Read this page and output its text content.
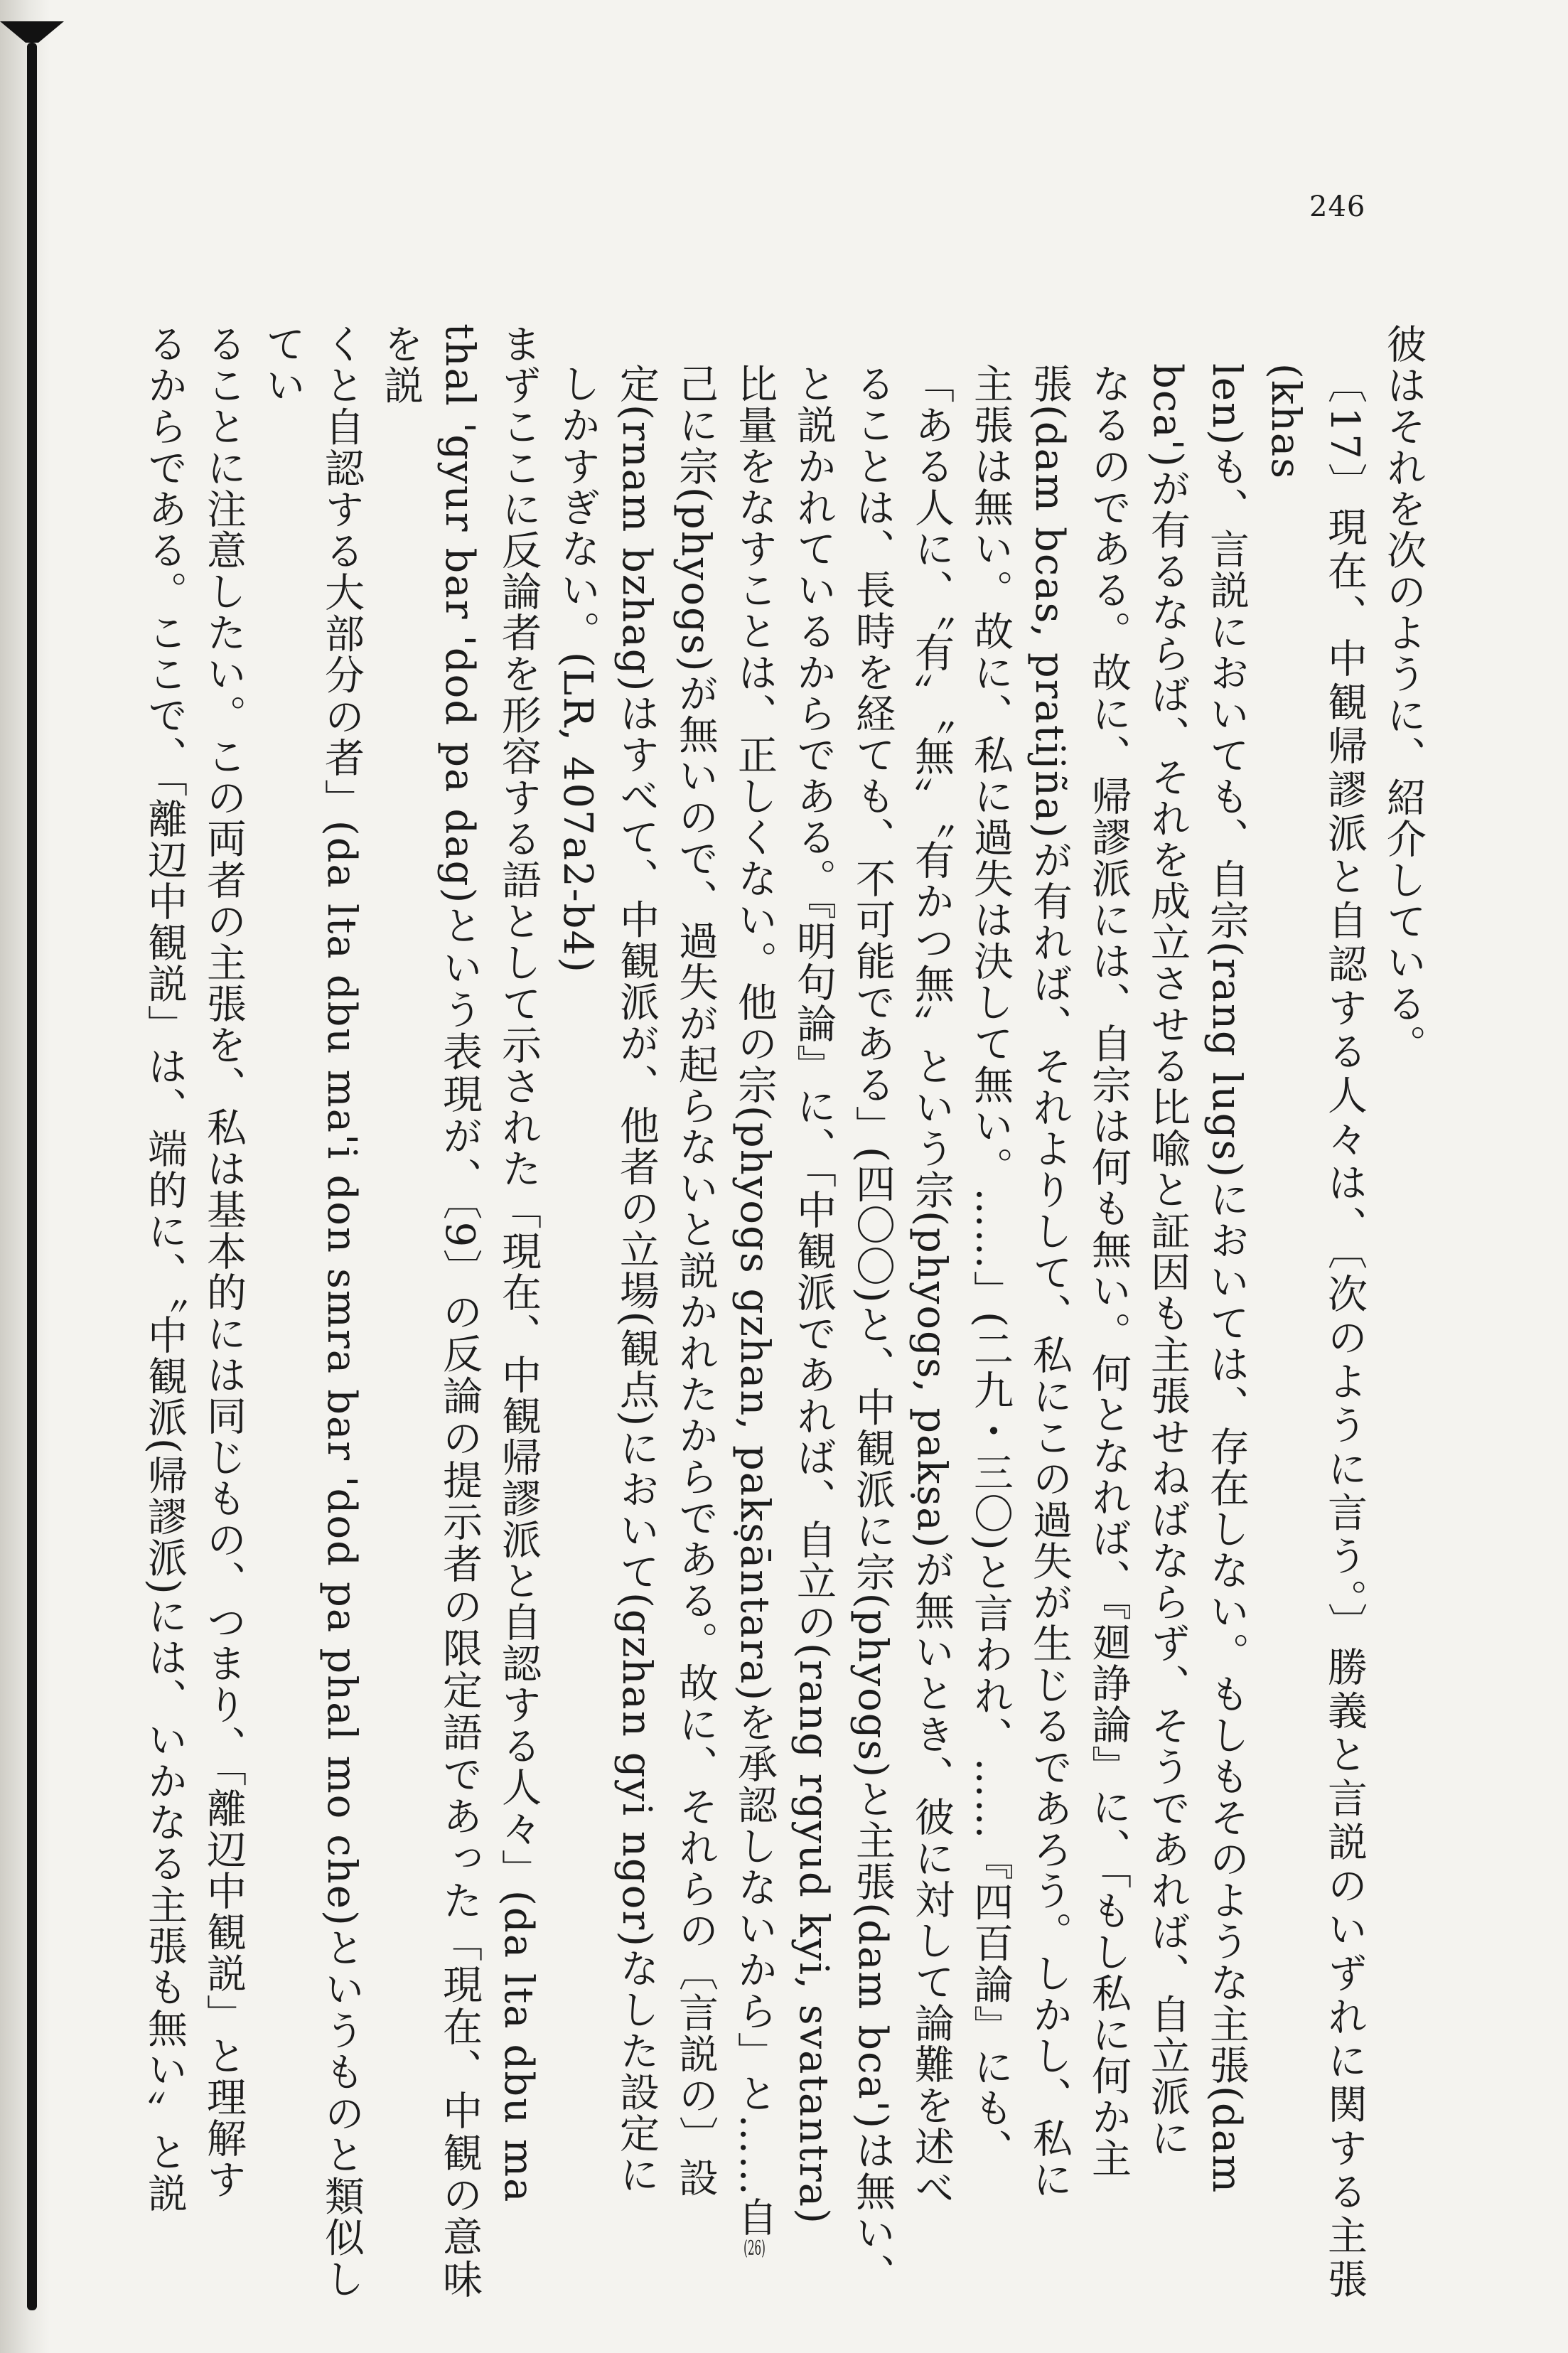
246
彼はそれを次のように、紹介している。
〔17〕現在、中観帰謬派と自認する人々は、〔次のように言う。〕勝義と言説のいずれに関する主張(khas
len)も、言説においても、自宗(rang lugs)においては、存在しない。もしもそのような主張(dam
bca')が有るならば、それを成立させる比喩と証因も主張せねばならず、そうであれば、自立派に
なるのである。故に、帰謬派には、自宗は何も無い。何となれば、『廻諍論』に、「もし私に何か主
張(dam bcas, pratijña)が有れば、それよりして、私にこの過失が生じるであろう。しかし、私に
主張は無い。故に、私に過失は決して無い。……」(二九・三〇)と言われ、……『四百論』にも、
「ある人に、〝有〟〝無〟〝有かつ無〟という宗(phyogs, pakṣa)が無いとき、彼に対して論難を述べ
ることは、長時を経ても、不可能である」(四〇〇)と、中観派に宗(phyogs)と主張(dam bca')は無い、
と説かれているからである。『明句論』に、「中観派であれば、自立の(rang rgyud kyi, svatantra)
比量をなすことは、正しくない。他の宗(phyogs gzhan, pakṣāntara)を承認しないから」と……自(26)
己に宗(phyogs)が無いので、過失が起らないと説かれたからである。故に、それらの〔言説の〕設
定(rnam bzhag)はすべて、中観派が、他者の立場(観点)において(gzhan gyi ngor)なした設定に
しかすぎない。(LR, 407a2-b4)
まずここに反論者を形容する語として示された「現在、中観帰謬派と自認する人々」(da lta dbu ma
thal 'gyur bar 'dod pa dag)という表現が、〔9〕の反論の提示者の限定語であった「現在、中観の意味を説
くと自認する大部分の者」(da lta dbu ma'i don smra bar 'dod pa phal mo che)というものと類似してい
ることに注意したい。この両者の主張を、私は基本的には同じもの、つまり、「離辺中観説」と理解す
るからである。ここで、「離辺中観説」は、端的に、〝中観派(帰謬派)には、いかなる主張も無い〟と説
